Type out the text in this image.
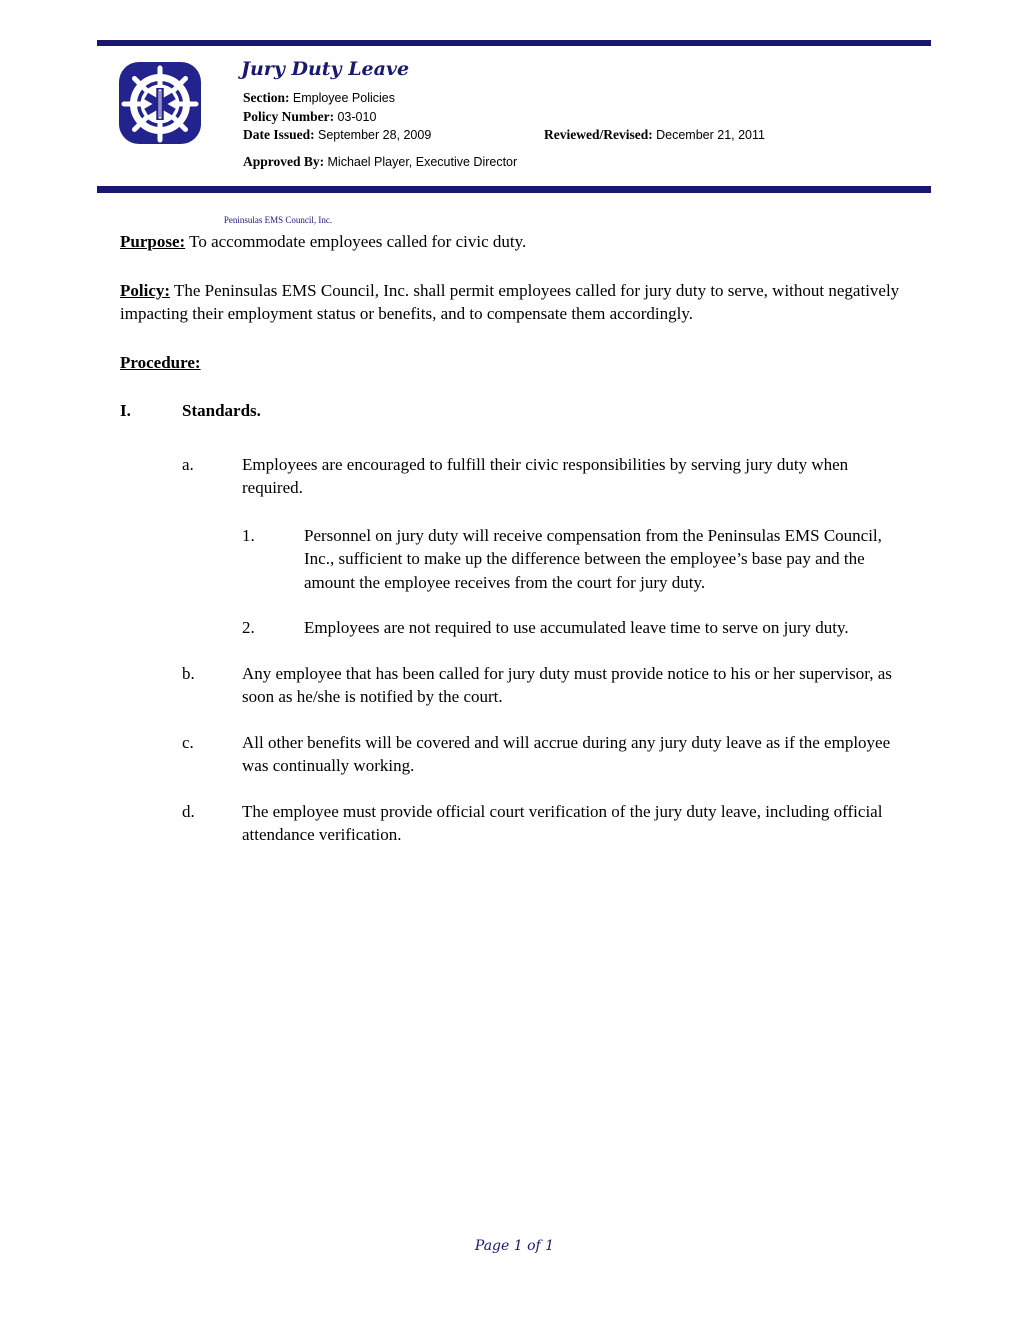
Peninsulas EMS Council, Inc.
Jury Duty Leave
Section: Employee Policies
Policy Number: 03-010
Date Issued: September 28, 2009	Reviewed/Revised: December 21, 2011
Approved By: Michael Player, Executive Director

Purpose: To accommodate employees called for civic duty.

Policy: The Peninsulas EMS Council, Inc. shall permit employees called for jury duty to serve, without negatively impacting their employment status or benefits, and to compensate them accordingly.

Procedure:

I.	Standards.
a.	Employees are encouraged to fulfill their civic responsibilities by serving jury duty when required.
1.	Personnel on jury duty will receive compensation from the Peninsulas EMS Council, Inc., sufficient to make up the difference between the employee’s base pay and the amount the employee receives from the court for jury duty.
2.	Employees are not required to use accumulated leave time to serve on jury duty.
b.	Any employee that has been called for jury duty must provide notice to his or her supervisor, as soon as he/she is notified by the court.
c.	All other benefits will be covered and will accrue during any jury duty leave as if the employee was continually working.
d.	The employee must provide official court verification of the jury duty leave, including official attendance verification.
Page 1 of 1
